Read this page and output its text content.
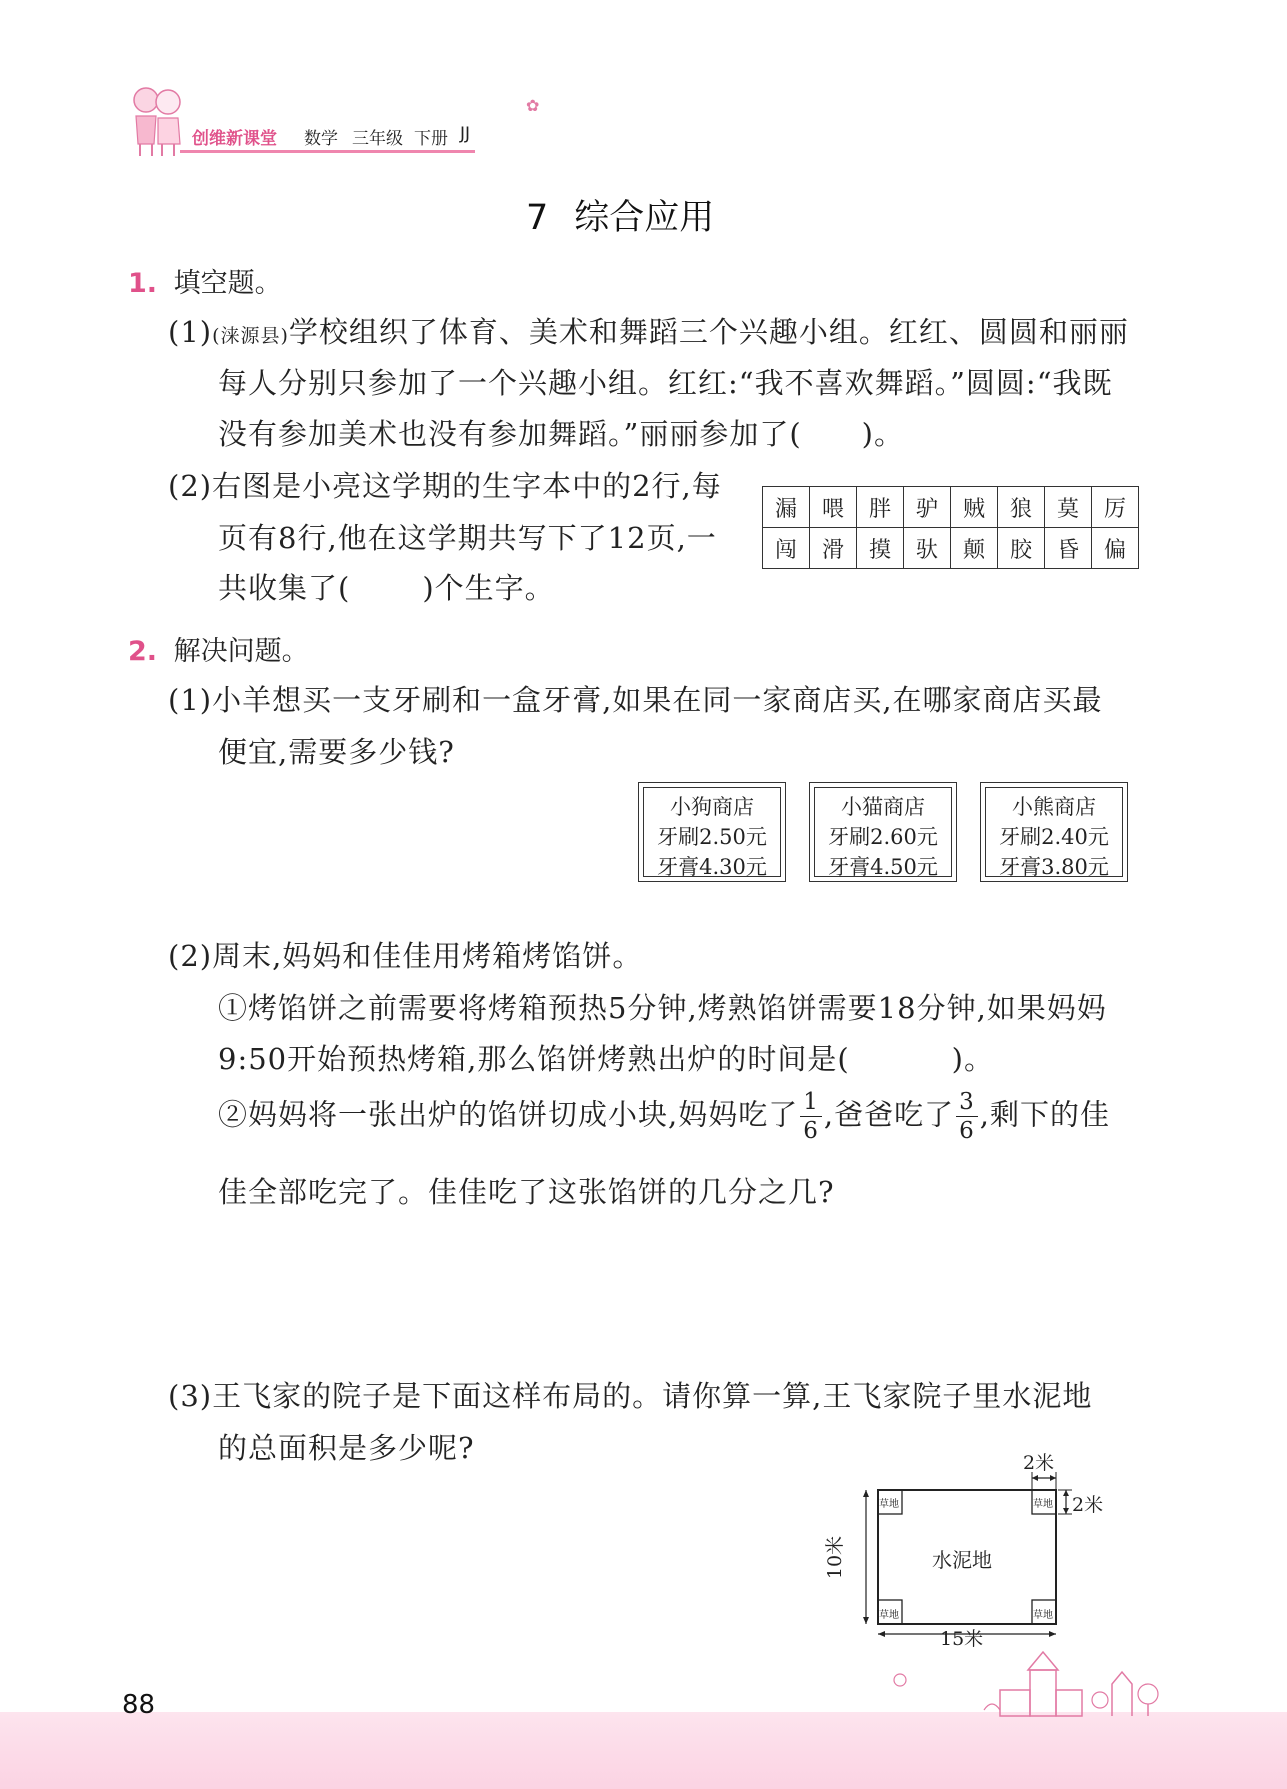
创维新课堂 数学 三年级 下册 JJ
✿
7 综合应用
1. 填空题。
(1)(涞源县)学校组织了体育、美术和舞蹈三个兴趣小组。红红、圆圆和丽丽
每人分别只参加了一个兴趣小组。红红:“我不喜欢舞蹈。”圆圆:“我既
没有参加美术也没有参加舞蹈。”丽丽参加了( )。
(2)右图是小亮这学期的生字本中的2行,每
页有8行,他在这学期共写下了12页,一
共收集了( )个生字。
漏	喂	胖	驴	贼	狼	莫	厉
闯	滑	摸	驮	颠	胶	昏	偏
2. 解决问题。
(1)小羊想买一支牙刷和一盒牙膏,如果在同一家商店买,在哪家商店买最
便宜,需要多少钱?
小狗商店
牙刷2.50元
牙膏4.30元
小猫商店
牙刷2.60元
牙膏4.50元
小熊商店
牙刷2.40元
牙膏3.80元
(2)周末,妈妈和佳佳用烤箱烤馅饼。
①烤馅饼之前需要将烤箱预热5分钟,烤熟馅饼需要18分钟,如果妈妈
9:50开始预热烤箱,那么馅饼烤熟出炉的时间是(	)。
②妈妈将一张出炉的馅饼切成小块,妈妈吃了 $\frac{1}{6}$ ,爸爸吃了 $\frac{3}{6}$ ,剩下的佳
佳全部吃完了。佳佳吃了这张馅饼的几分之几?
(3)王飞家的院子是下面这样布局的。请你算一算,王飞家院子里水泥地
的总面积是多少呢?	2米
2米
10米
15米
水泥地
草地	草地
草地	草地
88
